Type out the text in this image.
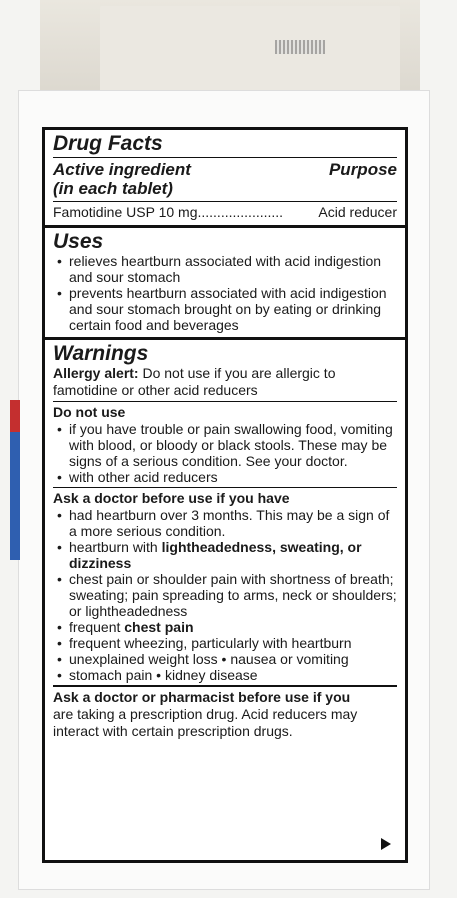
Drug Facts
Active ingredient
(in each tablet)
Purpose
Famotidine USP 10 mg ......................	Acid reducer
Uses
• relieves heartburn associated with acid indigestion and sour stomach
• prevents heartburn associated with acid indigestion and sour stomach brought on by eating or drinking certain food and beverages
Warnings
Allergy alert: Do not use if you are allergic to famotidine or other acid reducers
Do not use
• if you have trouble or pain swallowing food, vomiting with blood, or bloody or black stools. These may be signs of a serious condition. See your doctor.
• with other acid reducers
Ask a doctor before use if you have
• had heartburn over 3 months. This may be a sign of a more serious condition.
• heartburn with lightheadedness, sweating, or dizziness
• chest pain or shoulder pain with shortness of breath; sweating; pain spreading to arms, neck or shoulders; or lightheadedness
• frequent chest pain
• frequent wheezing, particularly with heartburn
• unexplained weight loss • nausea or vomiting
• stomach pain • kidney disease
Ask a doctor or pharmacist before use if you
are taking a prescription drug. Acid reducers may interact with certain prescription drugs.
